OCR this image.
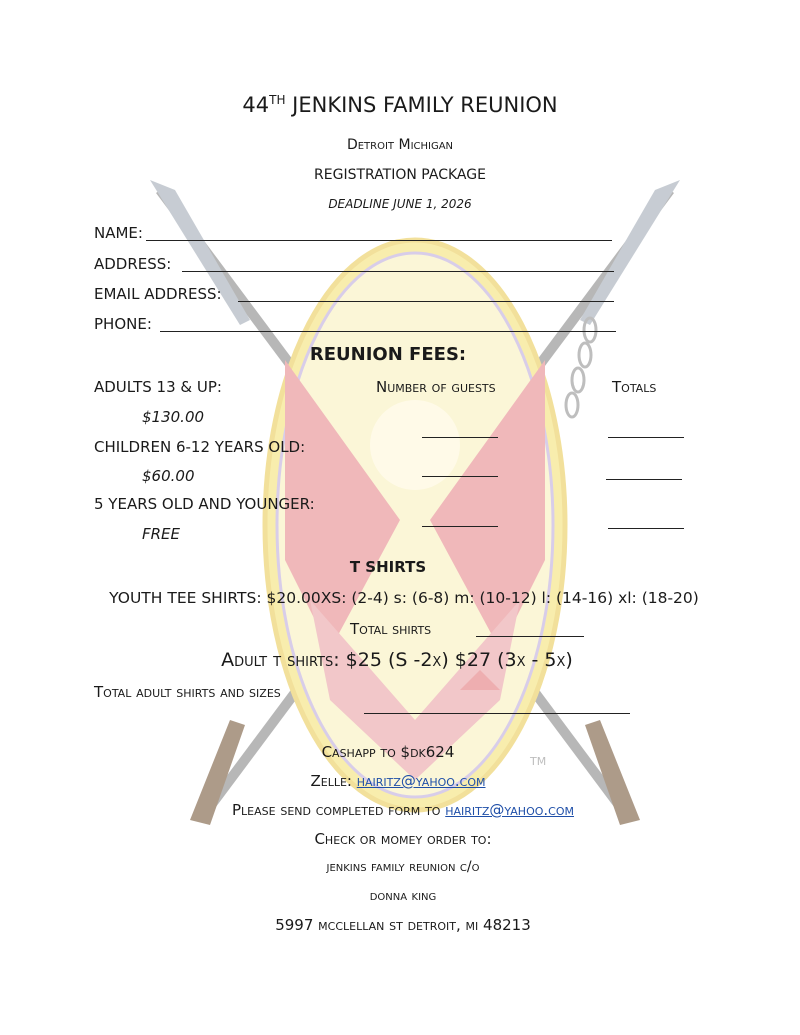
TM
44TH JENKINS FAMILY REUNION
Detroit Michigan
REGISTRATION PACKAGE
DEADLINE JUNE 1, 2026
NAME:
ADDRESS:
EMAIL ADDRESS:
PHONE:
REUNION FEES:
ADULTS 13 & UP:	Number of guests	Totals
$130.00
CHILDREN 6-12 YEARS OLD:
$60.00
5 YEARS OLD AND YOUNGER:
FREE
T SHIRTS
YOUTH TEE SHIRTS: $20.00XS: (2-4) s: (6-8) m: (10-12) l: (14-16) xl: (18-20)
Total shirts
Adult t shirts: $25 (S -2x) $27 (3x - 5x)
Total adult shirts and sizes
Cashapp to $dk624
Zelle: hairitz@yahoo.com
Please send completed form to hairitz@yahoo.com
Check or momey order to:
jenkins family reunion c/o
donna king
5997 mcclellan st detroit, mi 48213
